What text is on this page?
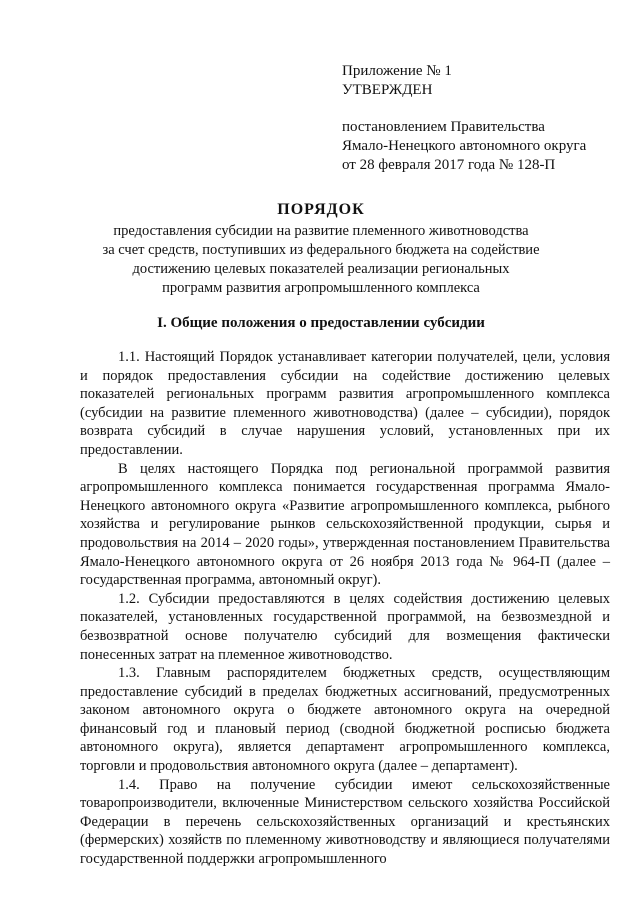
Приложение № 1
УТВЕРЖДЕН
постановлением Правительства
Ямало-Ненецкого автономного округа
от 28 февраля 2017 года № 128-П
ПОРЯДОК
предоставления субсидии на развитие племенного животноводства
за счет средств, поступивших из федерального бюджета на содействие
достижению целевых показателей реализации региональных
программ развития агропромышленного комплекса
I. Общие положения о предоставлении субсидии

1.1. Настоящий Порядок устанавливает категории получателей, цели, условия и порядок предоставления субсидии на содействие достижению целевых показателей региональных программ развития агропромышленного комплекса (субсидии на развитие племенного животноводства) (далее – субсидии), порядок возврата субсидий в случае нарушения условий, установленных при их предоставлении.

В целях настоящего Порядка под региональной программой развития агропромышленного комплекса понимается государственная программа Ямало-Ненецкого автономного округа «Развитие агропромышленного комплекса, рыбного хозяйства и регулирование рынков сельскохозяйственной продукции, сырья и продовольствия на 2014 – 2020 годы», утвержденная постановлением Правительства Ямало-Ненецкого автономного округа от 26 ноября 2013 года № 964-П (далее – государственная программа, автономный округ).

1.2. Субсидии предоставляются в целях содействия достижению целевых показателей, установленных государственной программой, на безвозмездной и безвозвратной основе получателю субсидий для возмещения фактически понесенных затрат на племенное животноводство.

1.3. Главным распорядителем бюджетных средств, осуществляющим предоставление субсидий в пределах бюджетных ассигнований, предусмотренных законом автономного округа о бюджете автономного округа на очередной финансовый год и плановый период (сводной бюджетной росписью бюджета автономного округа), является департамент агропромышленного комплекса, торговли и продовольствия автономного округа (далее – департамент).

1.4. Право на получение субсидии имеют сельскохозяйственные товаропроизводители, включенные Министерством сельского хозяйства Российской Федерации в перечень сельскохозяйственных организаций и крестьянских (фермерских) хозяйств по племенному животноводству и являющиеся получателями государственной поддержки агропромышленного
